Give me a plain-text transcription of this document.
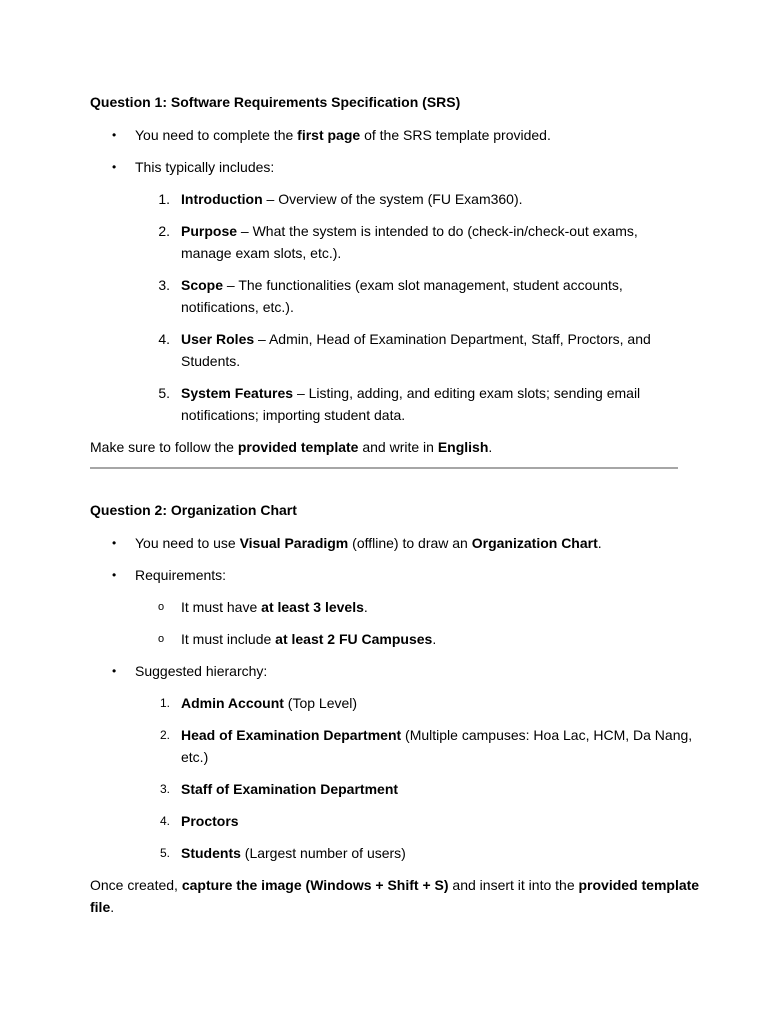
Question 1: Software Requirements Specification (SRS)
• You need to complete the first page of the SRS template provided.
• This typically includes:
1. Introduction – Overview of the system (FU Exam360).
2. Purpose – What the system is intended to do (check-in/check-out exams,
manage exam slots, etc.).
3. Scope – The functionalities (exam slot management, student accounts,
notifications, etc.).
4. User Roles – Admin, Head of Examination Department, Staff, Proctors, and
Students.
5. System Features – Listing, adding, and editing exam slots; sending email
notifications; importing student data.
Make sure to follow the provided template and write in English.
Question 2: Organization Chart
• You need to use Visual Paradigm (offline) to draw an Organization Chart.
• Requirements:
o It must have at least 3 levels.
o It must include at least 2 FU Campuses.
• Suggested hierarchy:
1. Admin Account (Top Level)
2. Head of Examination Department (Multiple campuses: Hoa Lac, HCM, Da Nang,
etc.)
3. Staff of Examination Department
4. Proctors
5. Students (Largest number of users)
Once created, capture the image (Windows + Shift + S) and insert it into the provided template
file.
